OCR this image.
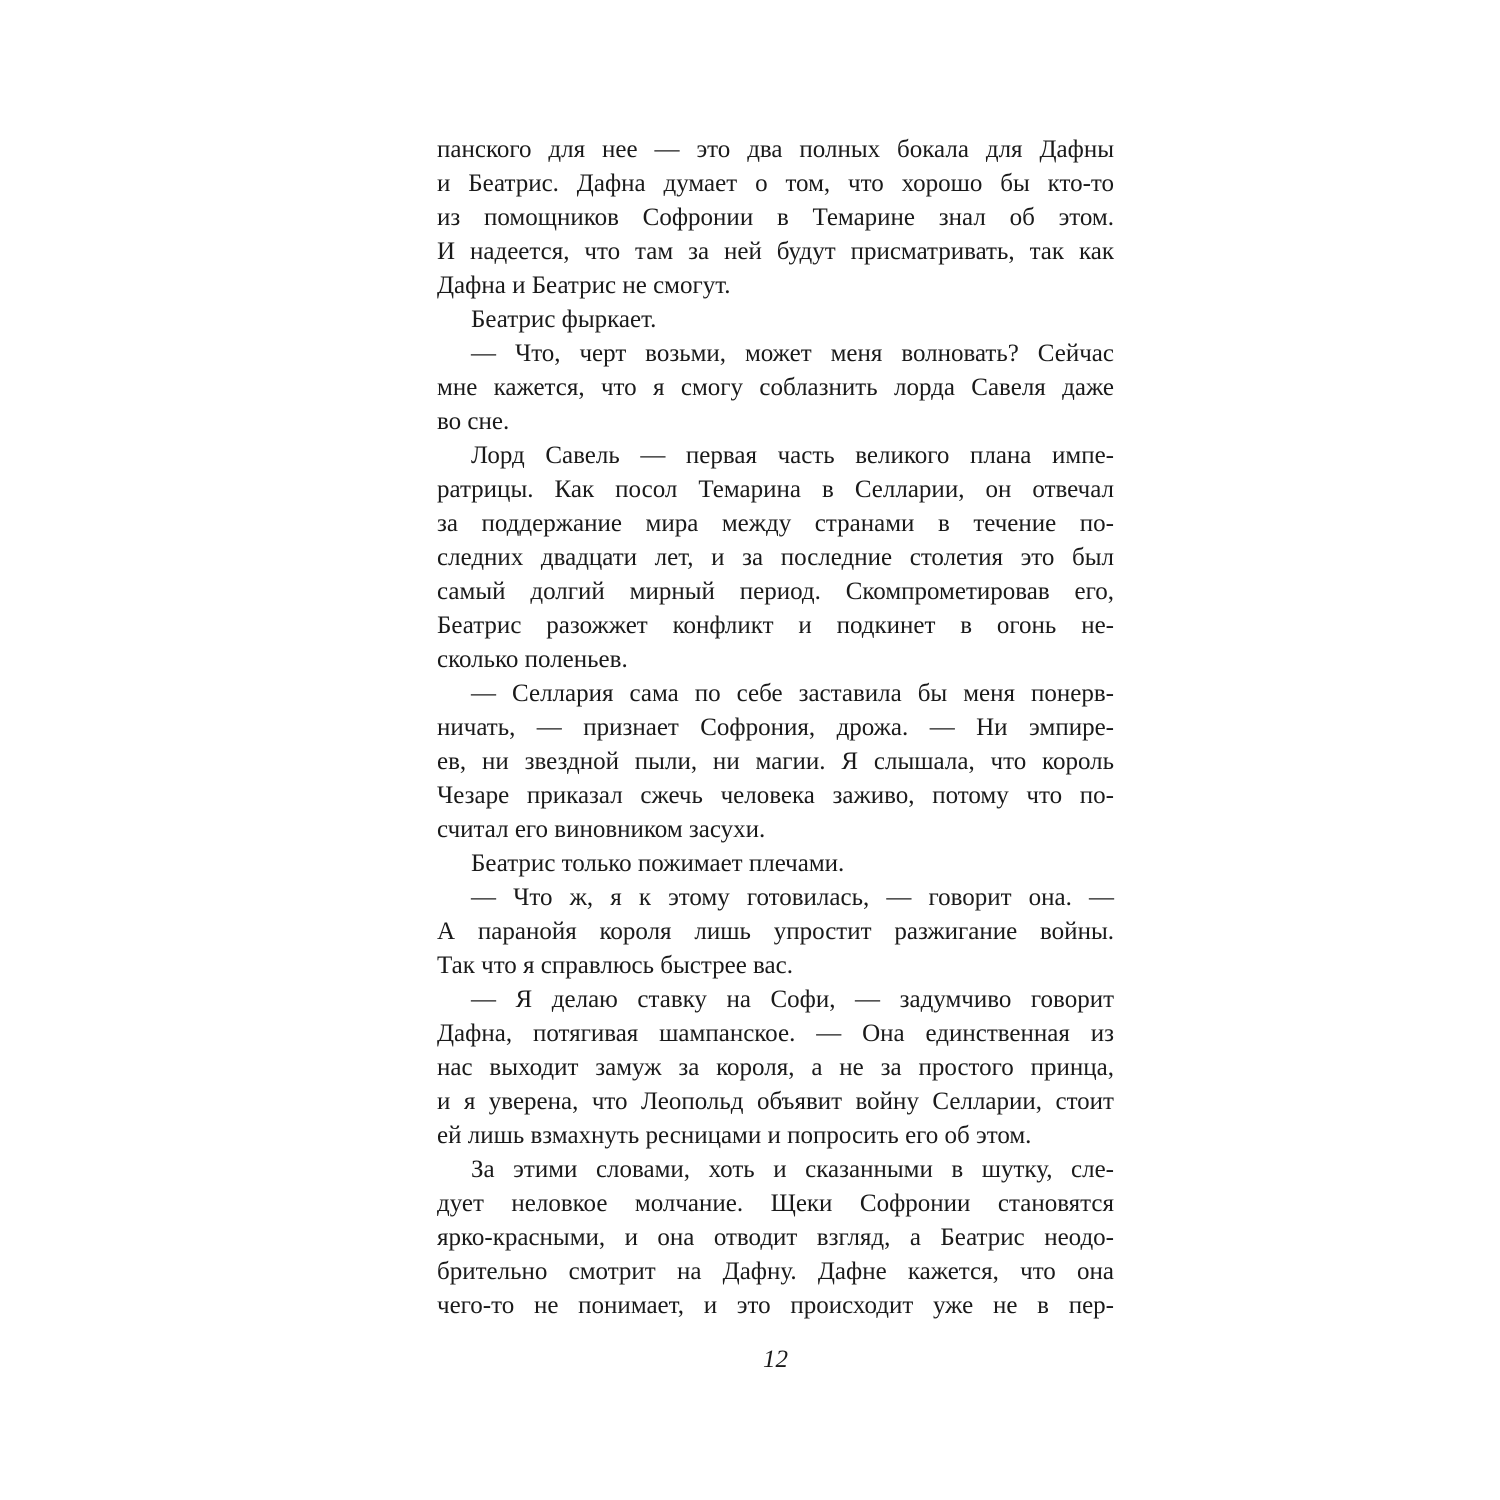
панского для нее — это два полных бокала для Дафны
и Беатрис. Дафна думает о том, что хорошо бы кто-то
из помощников Софронии в Темарине знал об этом.
И надеется, что там за ней будут присматривать, так как
Дафна и Беатрис не смогут.
Беатрис фыркает.
— Что, черт возьми, может меня волновать? Сейчас
мне кажется, что я смогу соблазнить лорда Савеля даже
во сне.
Лорд Савель — первая часть великого плана импе-
ратрицы. Как посол Темарина в Селларии, он отвечал
за поддержание мира между странами в течение по-
следних двадцати лет, и за последние столетия это был
самый долгий мирный период. Скомпрометировав его,
Беатрис разожжет конфликт и подкинет в огонь не-
сколько поленьев.
— Селлария сама по себе заставила бы меня понерв-
ничать, — признает Софрония, дрожа. — Ни эмпире-
ев, ни звездной пыли, ни магии. Я слышала, что король
Чезаре приказал сжечь человека заживо, потому что по-
считал его виновником засухи.
Беатрис только пожимает плечами.
— Что ж, я к этому готовилась, — говорит она. —
А паранойя короля лишь упростит разжигание войны.
Так что я справлюсь быстрее вас.
— Я делаю ставку на Софи, — задумчиво говорит
Дафна, потягивая шампанское. — Она единственная из
нас выходит замуж за короля, а не за простого принца,
и я уверена, что Леопольд объявит войну Селларии, стоит
ей лишь взмахнуть ресницами и попросить его об этом.
За этими словами, хоть и сказанными в шутку, сле-
дует неловкое молчание. Щеки Софронии становятся
ярко-красными, и она отводит взгляд, а Беатрис неодо-
брительно смотрит на Дафну. Дафне кажется, что она
чего-то не понимает, и это происходит уже не в пер-
12
